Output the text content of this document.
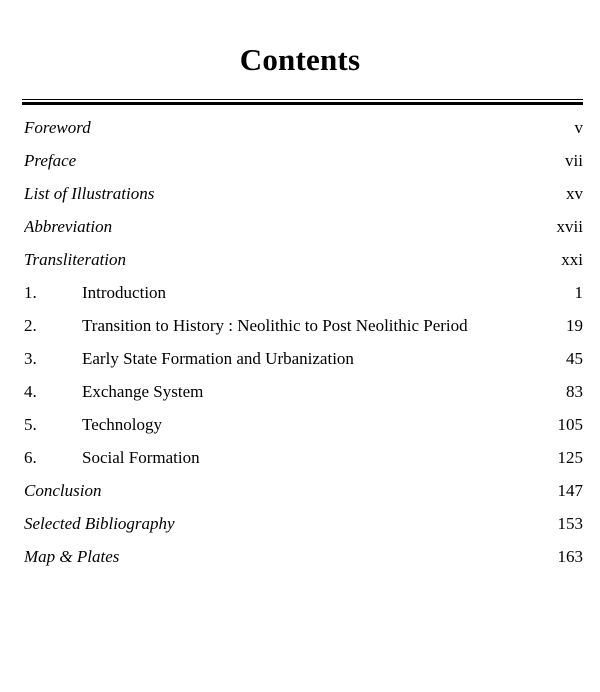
Contents
Foreword	v
Preface	vii
List of Illustrations	xv
Abbreviation	xvii
Transliteration	xxi
1.	Introduction	1
2.	Transition to History : Neolithic to Post Neolithic Period	19
3.	Early State Formation and Urbanization	45
4.	Exchange System	83
5.	Technology	105
6.	Social Formation	125
Conclusion	147
Selected Bibliography	153
Map & Plates	163
